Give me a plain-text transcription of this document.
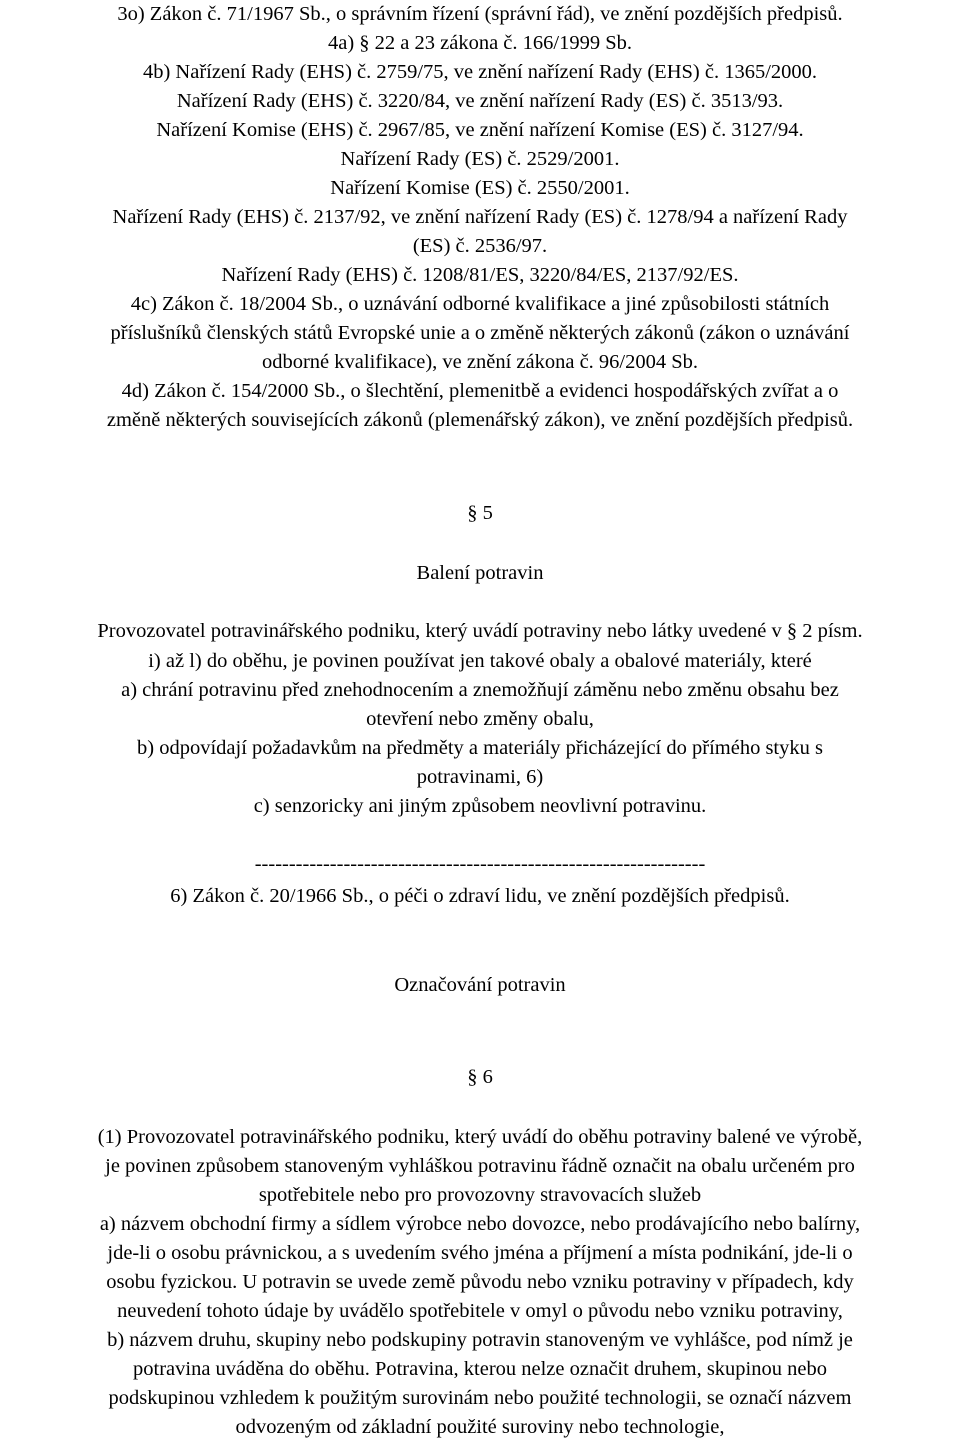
3o) Zákon č. 71/1967 Sb., o správním řízení (správní řád), ve znění pozdějších předpisů.
4a) § 22 a 23 zákona č. 166/1999 Sb.
4b) Nařízení Rady (EHS) č. 2759/75, ve znění nařízení Rady (EHS) č. 1365/2000.
Nařízení Rady (EHS) č. 3220/84, ve znění nařízení Rady (ES) č. 3513/93.
Nařízení Komise (EHS) č. 2967/85, ve znění nařízení Komise (ES) č. 3127/94.
Nařízení Rady (ES) č. 2529/2001.
Nařízení Komise (ES) č. 2550/2001.
Nařízení Rady (EHS) č. 2137/92, ve znění nařízení Rady (ES) č. 1278/94 a nařízení Rady
(ES) č. 2536/97.
Nařízení Rady (EHS) č. 1208/81/ES, 3220/84/ES, 2137/92/ES.
4c) Zákon č. 18/2004 Sb., o uznávání odborné kvalifikace a jiné způsobilosti státních
příslušníků členských států Evropské unie a o změně některých zákonů (zákon o uznávání
odborné kvalifikace), ve znění zákona č. 96/2004 Sb.
4d) Zákon č. 154/2000 Sb., o šlechtění, plemenitbě a evidenci hospodářských zvířat a o
změně některých souvisejících zákonů (plemenářský zákon), ve znění pozdějších předpisů.
§ 5
Balení potravin
Provozovatel potravinářského podniku, který uvádí potraviny nebo látky uvedené v § 2 písm.
i) až l) do oběhu, je povinen používat jen takové obaly a obalové materiály, které
a) chrání potravinu před znehodnocením a znemožňují záměnu nebo změnu obsahu bez
otevření nebo změny obalu,
b) odpovídají požadavkům na předměty a materiály přicházející do přímého styku s
potravinami, 6)
c) senzoricky ani jiným způsobem neovlivní potravinu.
------------------------------------------------------------------
6) Zákon č. 20/1966 Sb., o péči o zdraví lidu, ve znění pozdějších předpisů.
Označování potravin
§ 6
(1) Provozovatel potravinářského podniku, který uvádí do oběhu potraviny balené ve výrobě,
je povinen způsobem stanoveným vyhláškou potravinu řádně označit na obalu určeném pro
spotřebitele nebo pro provozovny stravovacích služeb
a) názvem obchodní firmy a sídlem výrobce nebo dovozce, nebo prodávajícího nebo balírny,
jde-li o osobu právnickou, a s uvedením svého jména a příjmení a místa podnikání, jde-li o
osobu fyzickou. U potravin se uvede země původu nebo vzniku potraviny v případech, kdy
neuvedení tohoto údaje by uvádělo spotřebitele v omyl o původu nebo vzniku potraviny,
b) názvem druhu, skupiny nebo podskupiny potravin stanoveným ve vyhlášce, pod nímž je
potravina uváděna do oběhu. Potravina, kterou nelze označit druhem, skupinou nebo
podskupinou vzhledem k použitým surovinám nebo použité technologii, se označí názvem
odvozeným od základní použité suroviny nebo technologie,
